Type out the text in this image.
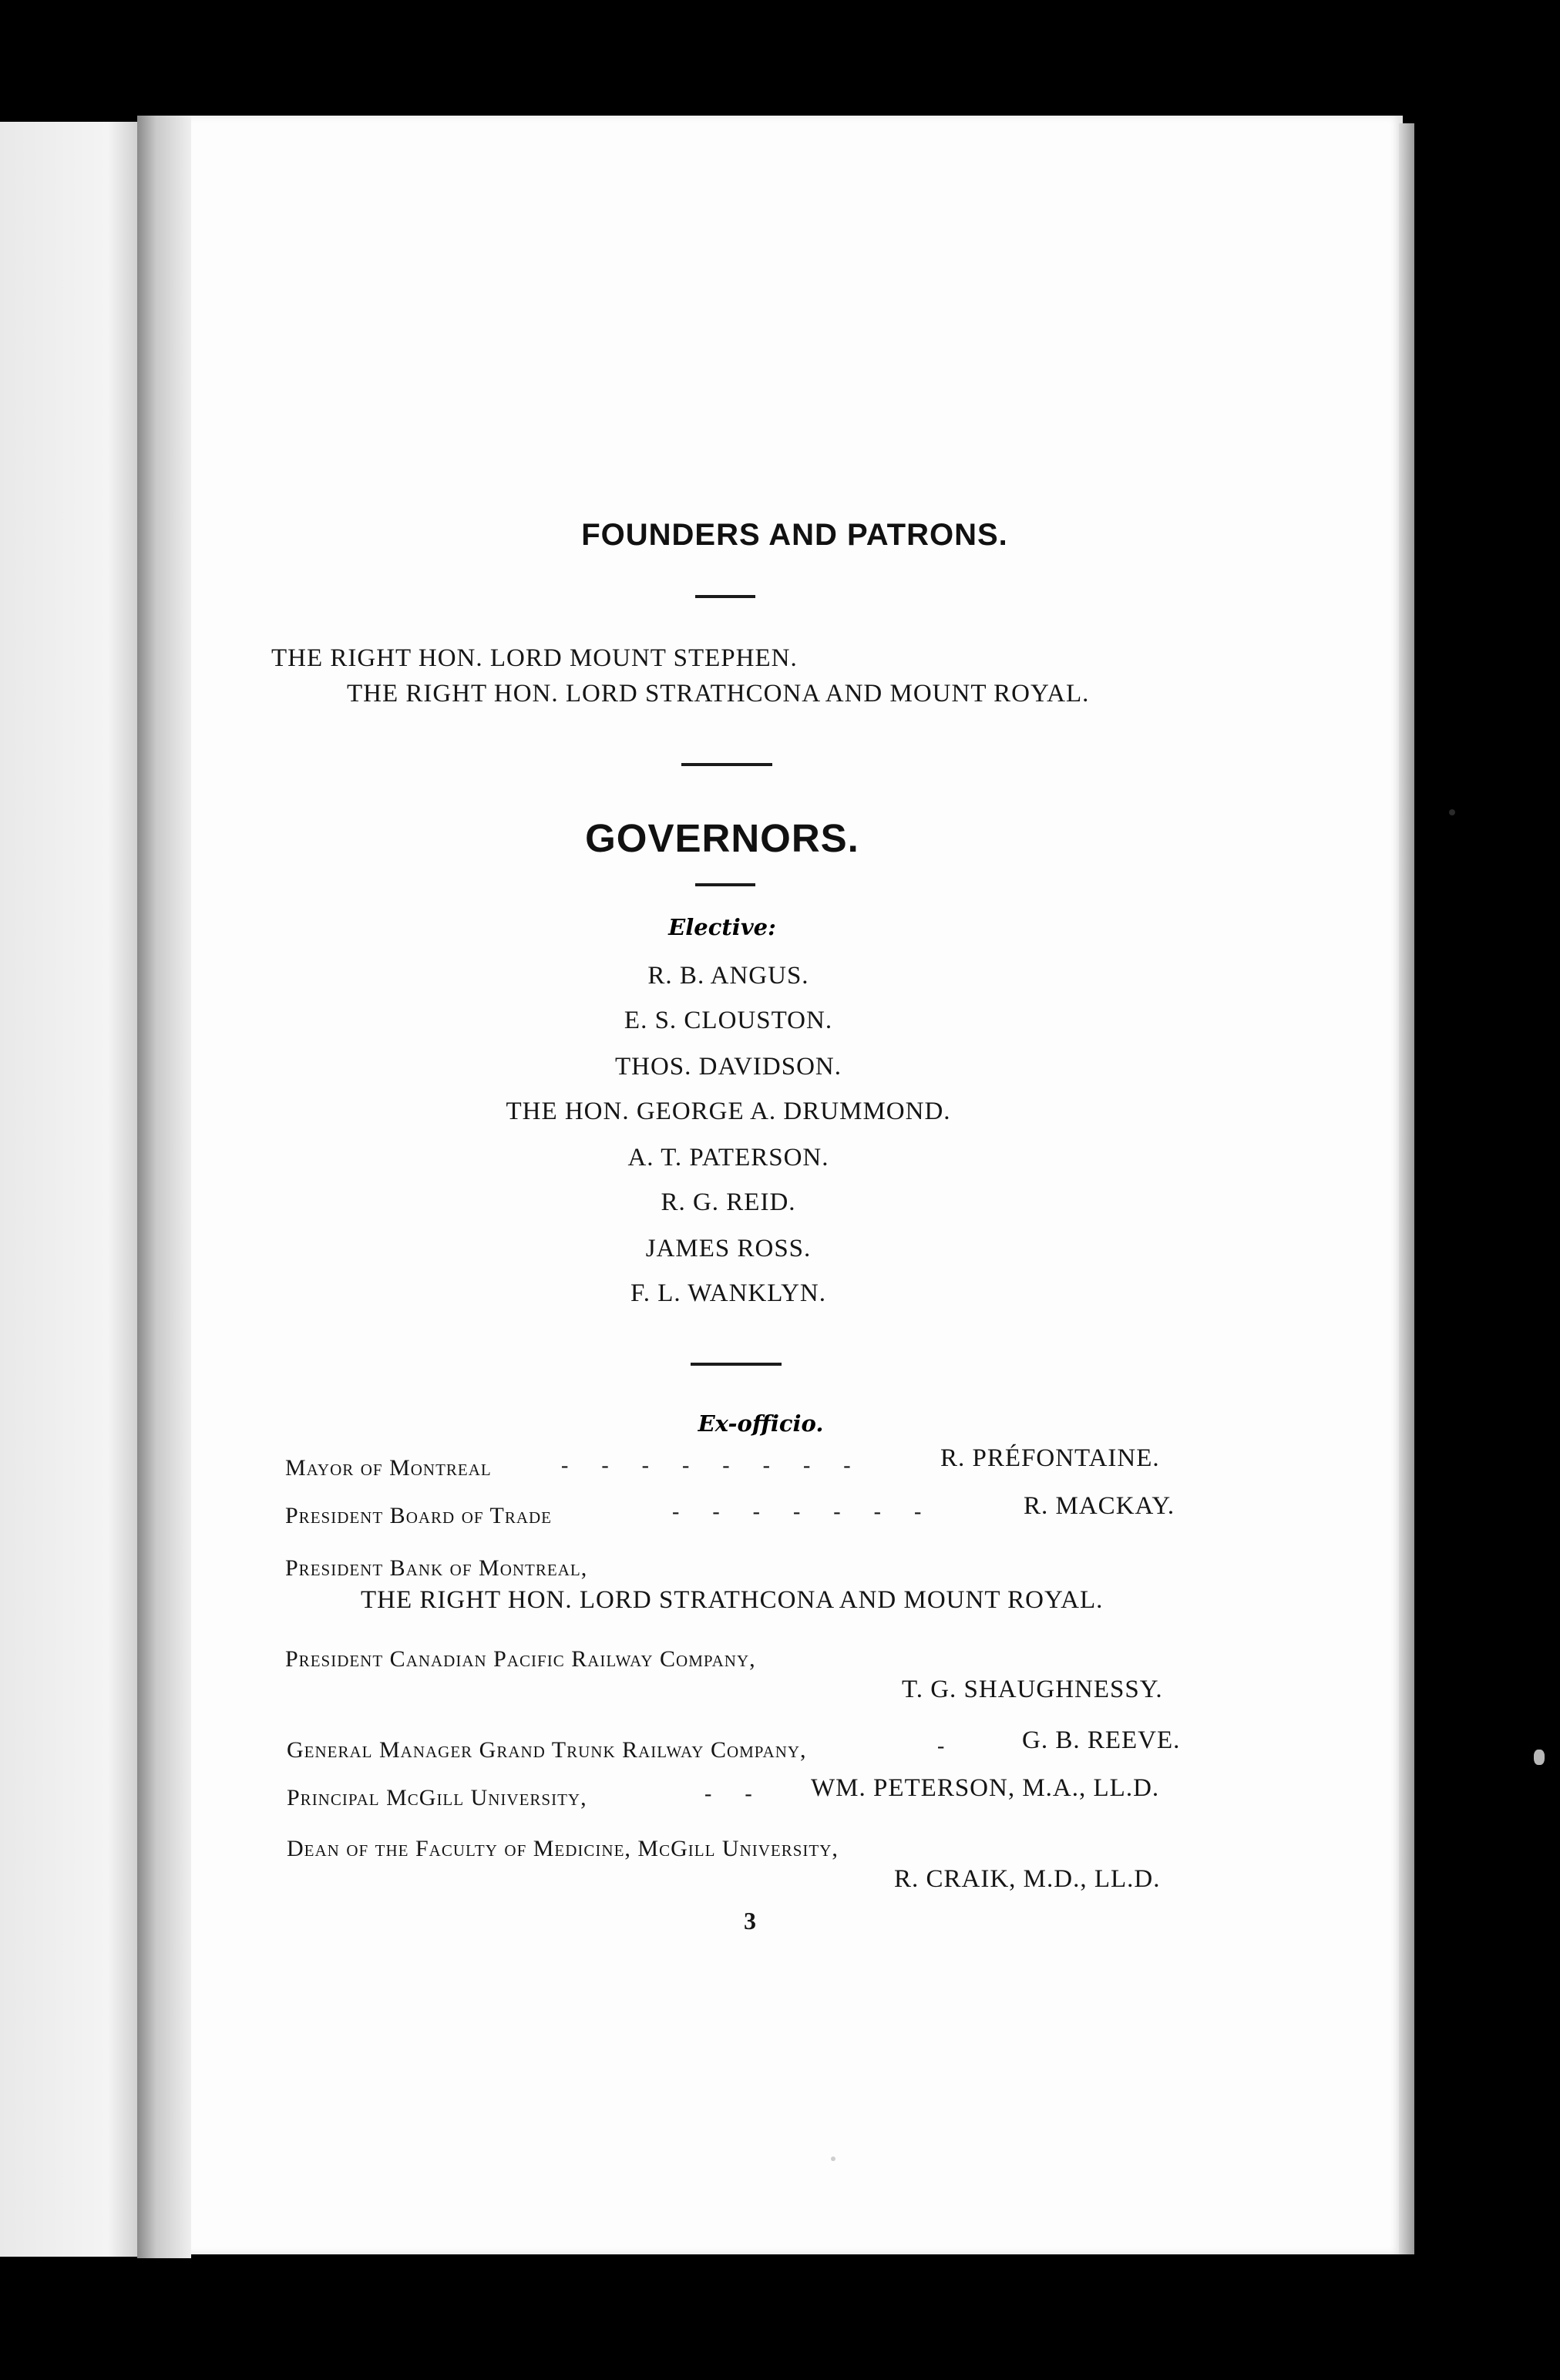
FOUNDERS AND PATRONS.
THE RIGHT HON. LORD MOUNT STEPHEN.
THE RIGHT HON. LORD STRATHCONA AND MOUNT ROYAL.
GOVERNORS.
Elective:
R. B. ANGUS.
E. S. CLOUSTON.
THOS. DAVIDSON.
THE HON. GEORGE A. DRUMMOND.
A. T. PATERSON.
R. G. REID.
JAMES ROSS.
F. L. WANKLYN.
Ex-officio.
Mayor of Montreal	- - - - - - - -	R. PRÉFONTAINE.
President Board of Trade	- - - - - - -	R. MACKAY.
President Bank of Montreal,
THE RIGHT HON. LORD STRATHCONA AND MOUNT ROYAL.
President Canadian Pacific Railway Company,
T. G. SHAUGHNESSY.
General Manager Grand Trunk Railway Company,	-	G. B. REEVE.
Principal McGill University,	- - WM. PETERSON, M.A., LL.D.
Dean of the Faculty of Medicine, McGill University,
R. CRAIK, M.D., LL.D.
3
